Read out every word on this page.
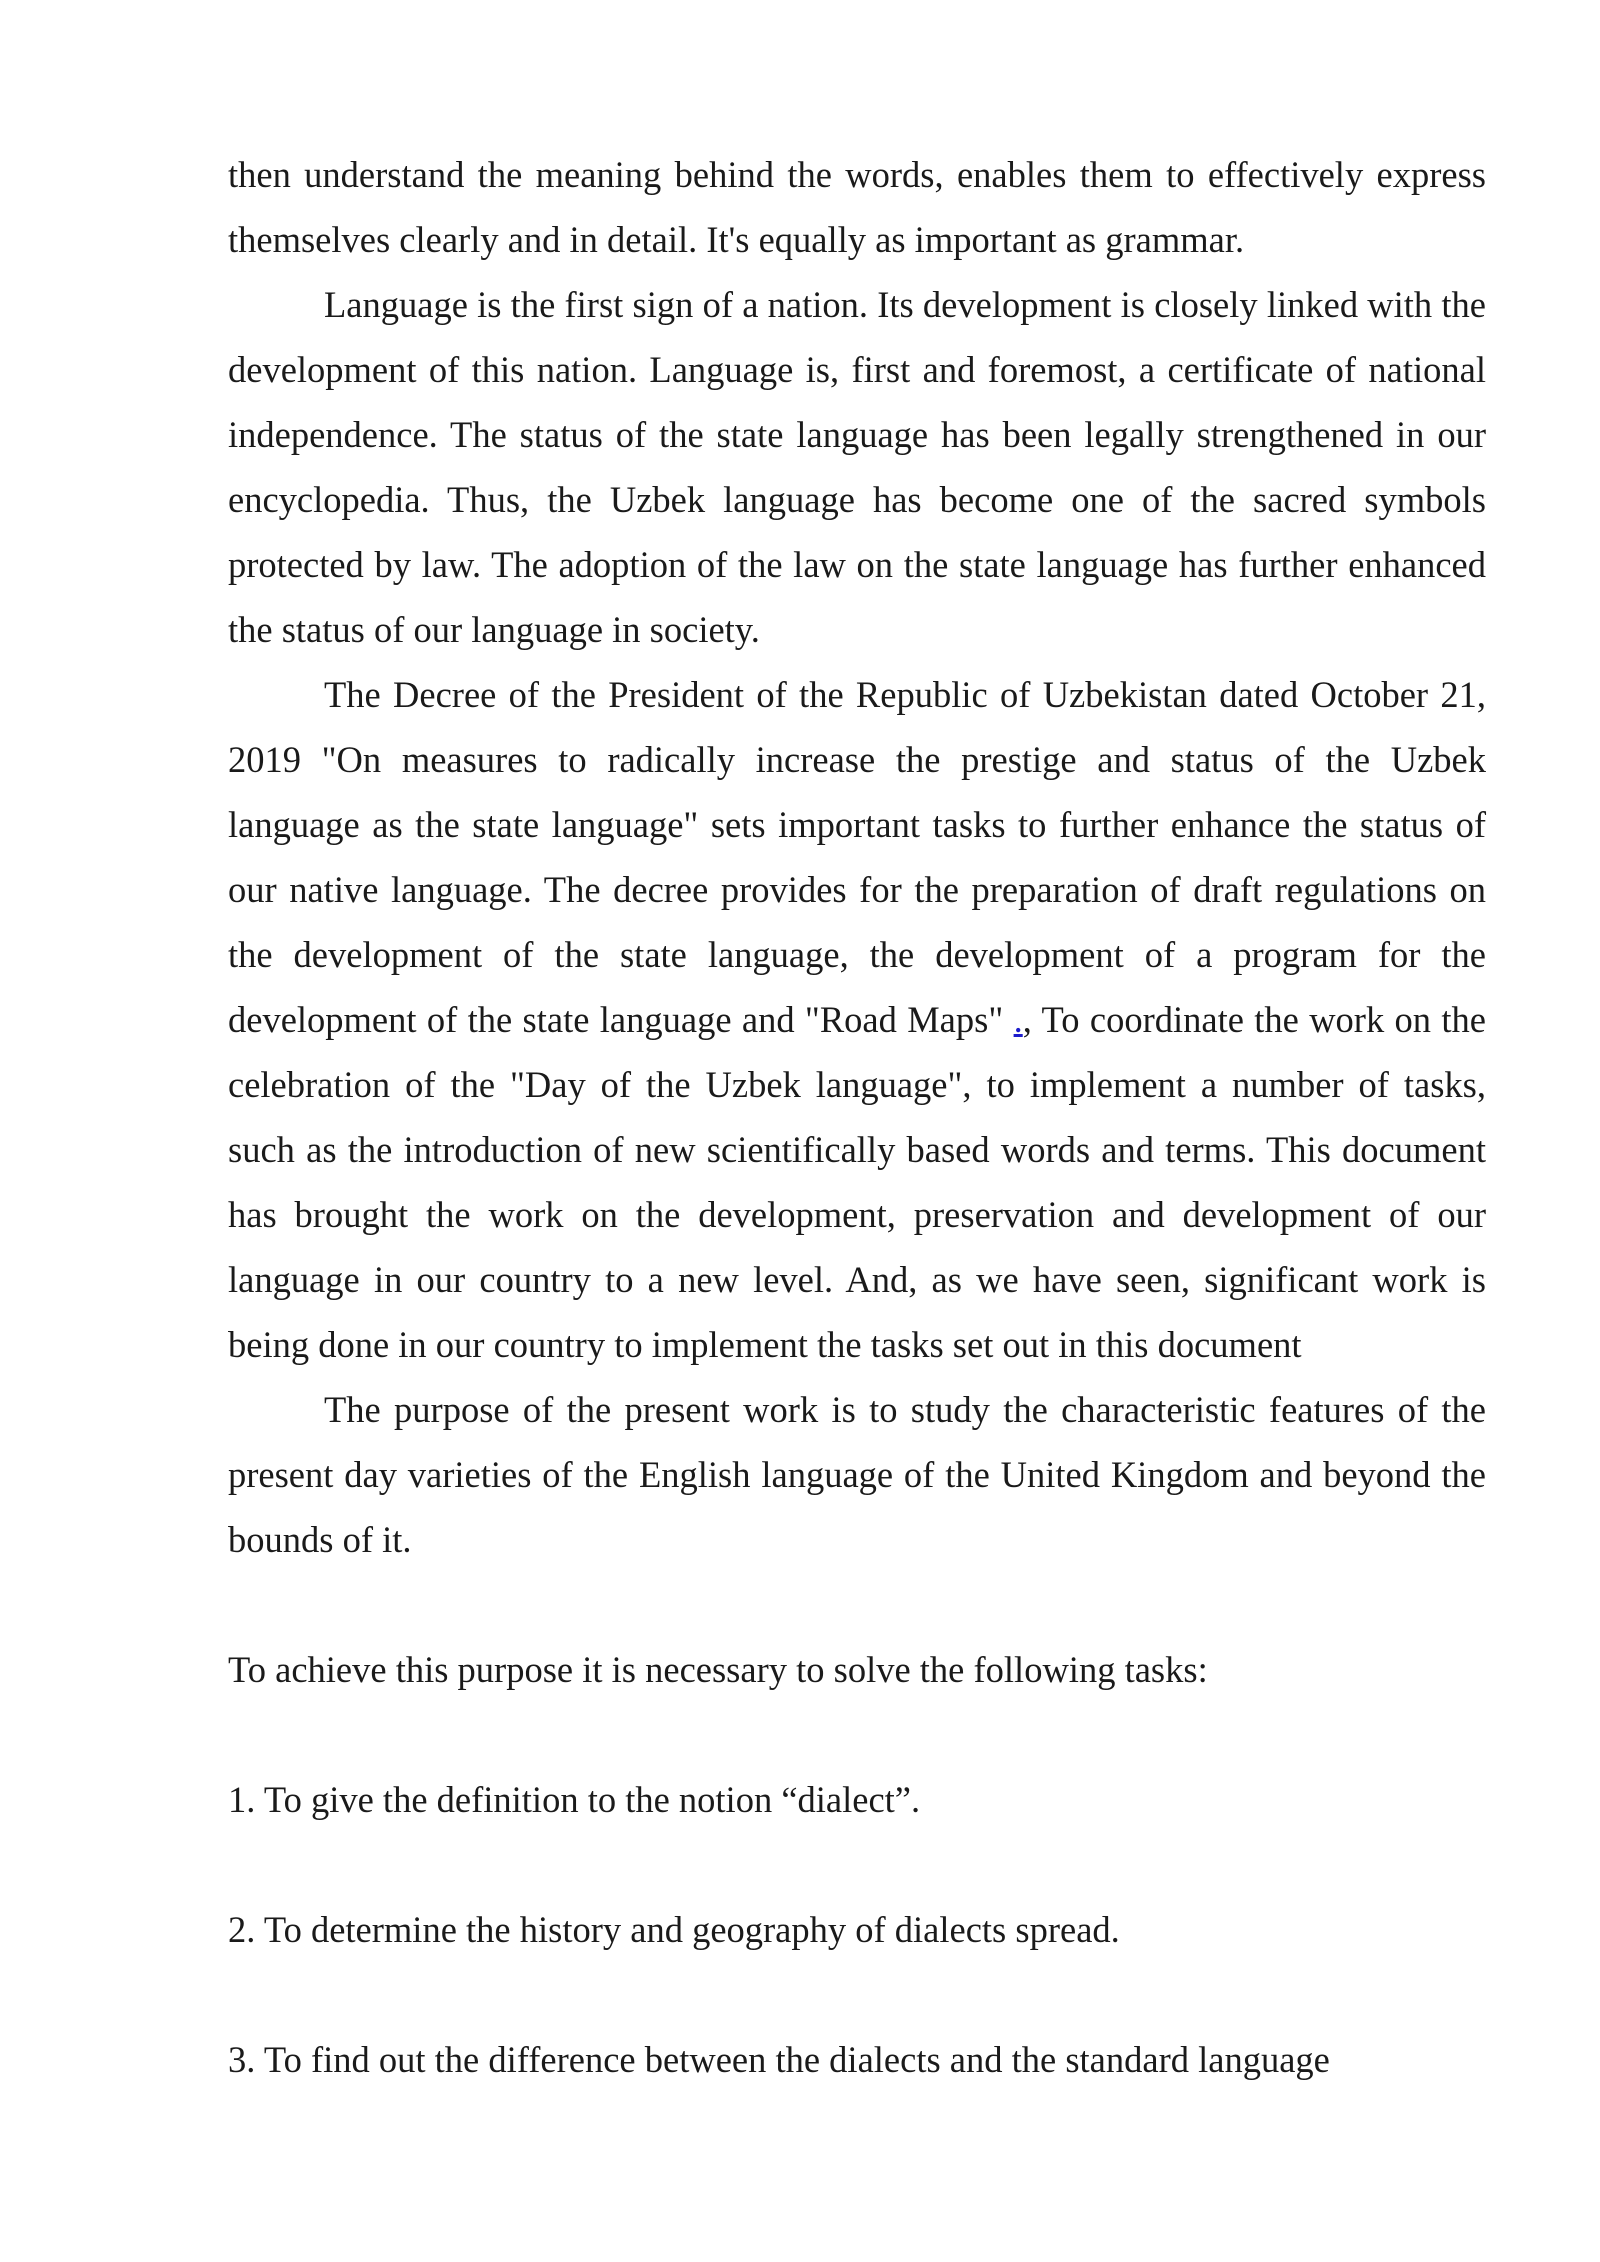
then understand the meaning behind the words, enables them to effectively express themselves clearly and in detail. It's equally as important as grammar.

Language is the first sign of a nation. Its development is closely linked with the development of this nation. Language is, first and foremost, a certificate of national independence. The status of the state language has been legally strengthened in our encyclopedia. Thus, the Uzbek language has become one of the sacred symbols protected by law. The adoption of the law on the state language has further enhanced the status of our language in society.

The Decree of the President of the Republic of Uzbekistan dated October 21, 2019 "On measures to radically increase the prestige and status of the Uzbek language as the state language" sets important tasks to further enhance the status of our native language. The decree provides for the preparation of draft regulations on the development of the state language, the development of a program for the development of the state language and "Road Maps" ., To coordinate the work on the celebration of the "Day of the Uzbek language", to implement a number of tasks, such as the introduction of new scientifically based words and terms. This document has brought the work on the development, preservation and development of our language in our country to a new level. And, as we have seen, significant work is being done in our country to implement the tasks set out in this document

The purpose of the present work is to study the characteristic features of the present day varieties of the English language of the United Kingdom and beyond the bounds of it.

To achieve this purpose it is necessary to solve the following tasks:

1. To give the definition to the notion “dialect”.

2. To determine the history and geography of dialects spread.

3. To find out the difference between the dialects and the standard language
